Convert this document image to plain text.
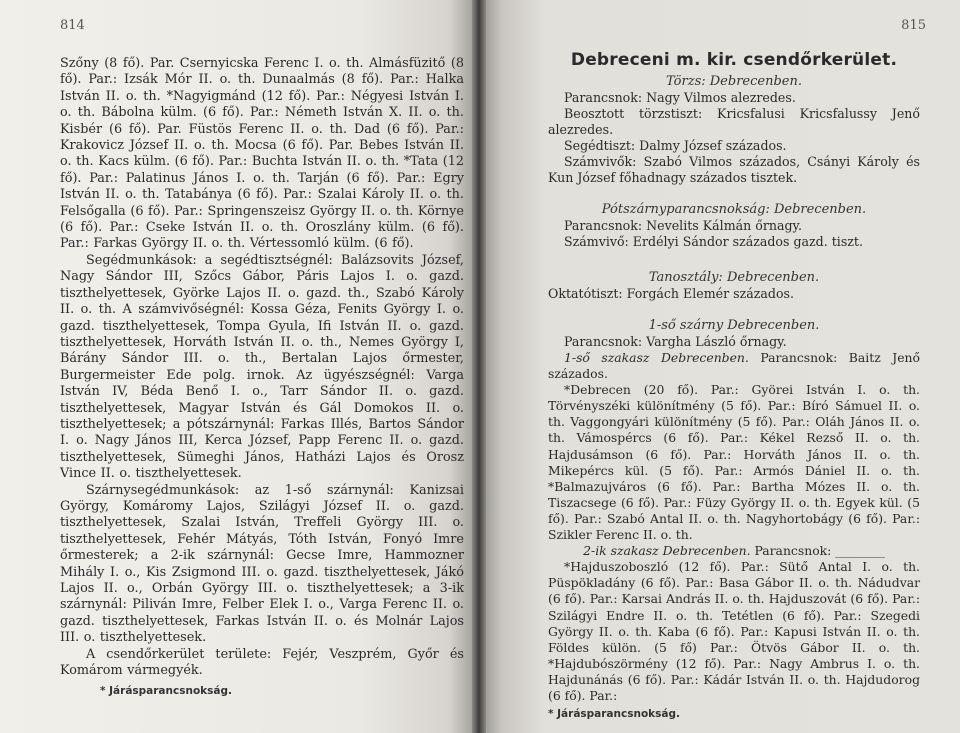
814

Szőny (8 fő). Par. Csernyicska Ferenc I. o. th. Almásfüzitő (8 fő). Par.: Izsák Mór II. o. th. Dunaalmás (8 fő). Par.: Halka István II. o. th. *Nagyigmánd (12 fő). Par.: Négyesi István I. o. th. Bábolna külm. (6 fő). Par.: Németh István X. II. o. th. Kisbér (6 fő). Par. Füstös Ferenc II. o. th. Dad (6 fő). Par.: Krakovicz József II. o. th. Mocsa (6 fő). Par. Bebes István II. o. th. Kacs külm. (6 fő). Par.: Buchta István II. o. th. *Tata (12 fő). Par.: Palatinus János I. o. th. Tarján (6 fő). Par.: Egry István II. o. th. Tatabánya (6 fő). Par.: Szalai Károly II. o. th. Felsőgalla (6 fő). Par.: Springenszeisz György II. o. th. Környe (6 fő). Par.: Cseke István II. o. th. Oroszlány külm. (6 fő). Par.: Farkas György II. o. th. Vértessomló külm. (6 fő).

Segédmunkások: a segédtisztségnél: Balázsovits József, Nagy Sándor III, Szőcs Gábor, Páris Lajos I. o. gazd. tiszthelyettesek, Györke Lajos II. o. gazd. th., Szabó Károly II. o. th. A számvivőségnél: Kossa Géza, Fenits György I. o. gazd. tiszthelyettesek, Tompa Gyula, Ifi István II. o. gazd. tiszthelyettesek, Horváth István II. o. th., Nemes György I, Bárány Sándor III. o. th., Bertalan Lajos őrmester, Burgermeister Ede polg. irnok. Az ügyészségnél: Varga István IV, Béda Benő I. o., Tarr Sándor II. o. gazd. tiszthelyettesek, Magyar István és Gál Domokos II. o. tiszthelyettesek; a pótszárnynál: Farkas Illés, Bartos Sándor I. o. Nagy János III, Kerca József, Papp Ferenc II. o. gazd. tiszthelyettesek, Sümeghi János, Hatházi Lajos és Orosz Vince II. o. tiszthelyettesek.

Szárnysegédmunkások: az 1-ső szárnynál: Kanizsai György, Komáromy Lajos, Szilágyi József II. o. gazd. tiszthelyettesek, Szalai István, Treffeli György III. o. tiszthelyettesek, Fehér Mátyás, Tóth István, Fonyó Imre őrmesterek; a 2-ik szárnynál: Gecse Imre, Hammozner Mihály I. o., Kis Zsigmond III. o. gazd. tiszthelyettesek, Jákó Lajos II. o., Orbán György III. o. tiszthelyettesek; a 3-ik szárnynál: Piliván Imre, Felber Elek I. o., Varga Ferenc II. o. gazd. tiszthelyettesek, Farkas István II. o. és Molnár Lajos III. o. tiszthelyettesek.

A csendőrkerület területe: Fejér, Veszprém, Győr és Komárom vármegyék.

* Járásparancsnokság.
815
Debreceni m. kir. csendőrkerület.
Törzs: Debrecenben.

Parancsnok: Nagy Vilmos alezredes.

Beosztott törzstiszt: Kricsfalusi Kricsfalussy Jenő alezredes.

Segédtiszt: Dalmy József százados.

Számvivők: Szabó Vilmos százados, Csányi Károly és Kun József főhadnagy százados tisztek.

Pótszárnyparancsnokság: Debrecenben.

Parancsnok: Nevelits Kálmán őrnagy.

Számvivő: Erdélyi Sándor százados gazd. tiszt.

Tanosztály: Debrecenben.

Oktatótiszt: Forgách Elemér százados.

1-ső szárny Debrecenben.

Parancsnok: Vargha László őrnagy.

1-ső szakasz Debrecenben. Parancsnok: Baitz Jenő százados.

*Debrecen (20 fő). Par.: Györei István I. o. th. Törvényszéki különítmény (5 fő). Par.: Bíró Sámuel II. o. th. Vaggongyári különítmény (5 fő). Par.: Oláh János II. o. th. Vámospércs (6 fő). Par.: Kékel Rezső II. o. th. Hajdusámson (6 fő). Par.: Horváth János II. o. th. Mikepércs kül. (5 fő). Par.: Armós Dániel II. o. th. *Balmazujváros (6 fő). Par.: Bartha Mózes II. o. th. Tiszacsege (6 fő). Par.: Füzy György II. o. th. Egyek kül. (5 fő). Par.: Szabó Antal II. o. th. Nagyhortobágy (6 fő). Par.: Szikler Ferenc II. o. th.

2-ik szakasz Debrecenben. Parancsnok: ________

*Hajduszoboszló (12 fő). Par.: Sütő Antal I. o. th. Püspökladány (6 fő). Par.: Basa Gábor II. o. th. Nádudvar (6 fő). Par.: Karsai András II. o. th. Hajduszovát (6 fő). Par.: Szilágyi Endre II. o. th. Tetétlen (6 fő). Par.: Szegedi György II. o. th. Kaba (6 fő). Par.: Kapusi István II. o. th. Földes külön. (5 fő) Par.: Ötvös Gábor II. o. th. *Hajdubószörmény (12 fő). Par.: Nagy Ambrus I. o. th. Hajdunánás (6 fő). Par.: Kádár István II. o. th. Hajdudorog (6 fő). Par.:

* Járásparancsnokság.
